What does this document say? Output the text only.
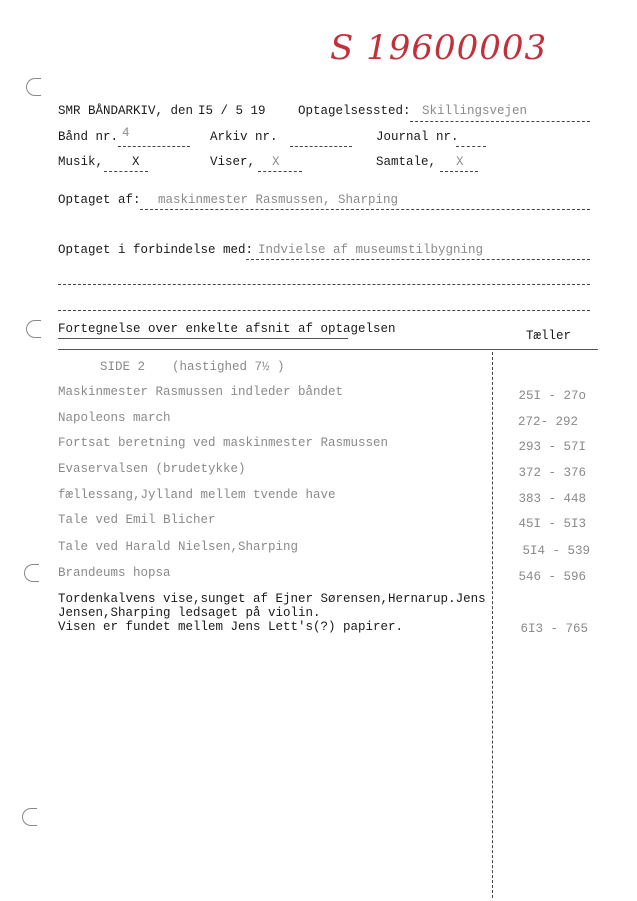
S 19600003
SMR BÅNDARKIV, den I5 / 5 19	Optagelsessted: Skillingsvejen
Bånd nr. 4	Arkiv nr.	Journal nr.
Musik, X	Viser, X	Samtale, X
Optaget af: maskinmester Rasmussen, Sharping
Optaget i forbindelse med: Indvielse af museumstilbygning
Fortegnelse over enkelte afsnit af optagelsen	Tæller
SIDE 2 (hastighed 7½ )
Maskinmester Rasmussen indleder båndet	25I - 27o
Napoleons march	272- 292
Fortsat beretning ved maskinmester Rasmussen	293 - 57I
Evaservalsen (brudetykke)	372 - 376
fællessang,Jylland mellem tvende have	383 - 448
Tale ved Emil Blicher	45I - 5I3
Tale ved Harald Nielsen,Sharping	5I4 - 539
Brandeums hopsa	546 - 596
Tordenkalvens vise,sunget af Ejner Sørensen,Hernarup.Jens
Jensen,Sharping ledsaget på violin.
Visen er fundet mellem Jens Lett's(?) papirer.	6I3 - 765
